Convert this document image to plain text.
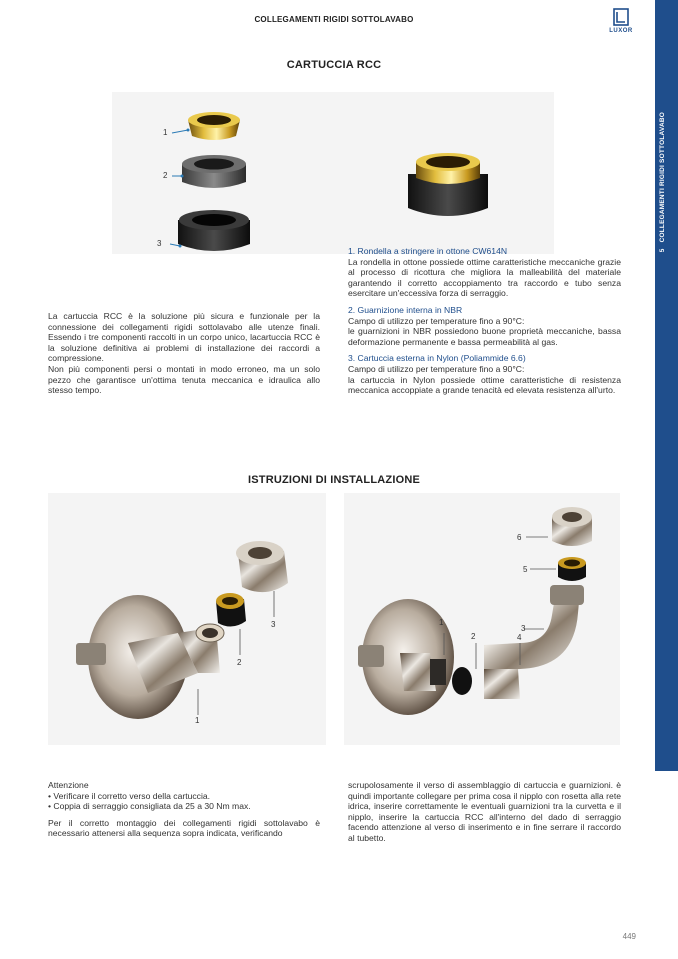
COLLEGAMENTI RIGIDI SOTTOLAVABO
LUXOR
5   COLLEGAMENTI RIGIDI SOTTOLAVABO
CARTUCCIA RCC
1
2
3
La cartuccia RCC è la soluzione più sicura e funzionale per la connessione dei collegamenti rigidi sottolavabo alle utenze finali. Essendo i tre componenti raccolti in un corpo unico, lacartuccia RCC è la soluzione definitiva ai problemi di installazione dei raccordi a compressione.
Non più componenti persi o montati in modo erroneo, ma un solo pezzo che garantisce un'ottima tenuta meccanica e idraulica allo stesso tempo.
1. Rondella a stringere in ottone CW614N
La rondella in ottone possiede ottime caratteristiche meccaniche grazie al processo di ricottura che migliora la malleabilità del materiale garantendo il corretto accoppiamento tra raccordo e tubo senza esercitare un'eccessiva forza di serraggio.
2. Guarnizione interna in NBR
Campo di utilizzo per temperature fino a 90°C:
le guarnizioni in NBR possiedono buone proprietà meccaniche, bassa deformazione permanente e bassa permeabilità al gas.
3. Cartuccia esterna in Nylon (Poliammide 6.6)
Campo di utilizzo per temperature fino a 90°C:
la cartuccia in Nylon possiede ottime caratteristiche di resistenza meccanica accoppiate a grande tenacità ed elevata resistenza all'urto.
ISTRUZIONI DI INSTALLAZIONE
3
2
1
1
2
3
4
5
6
Attenzione
• Verificare il corretto verso della cartuccia.
• Coppia di serraggio consigliata da 25 a 30 Nm max.
Per il corretto montaggio dei collegamenti rigidi sottolavabo è necessario attenersi alla sequenza sopra indicata, verificando
scrupolosamente il verso di assemblaggio di cartuccia e guarnizioni. è quindi importante collegare per prima cosa il nipplo con rosetta alla rete idrica, inserire correttamente le eventuali guarnizioni tra la curvetta e il nipplo, inserire la cartuccia RCC all'interno del dado di serraggio facendo attenzione al verso di inserimento e in fine serrare il raccordo al tubetto.
449
